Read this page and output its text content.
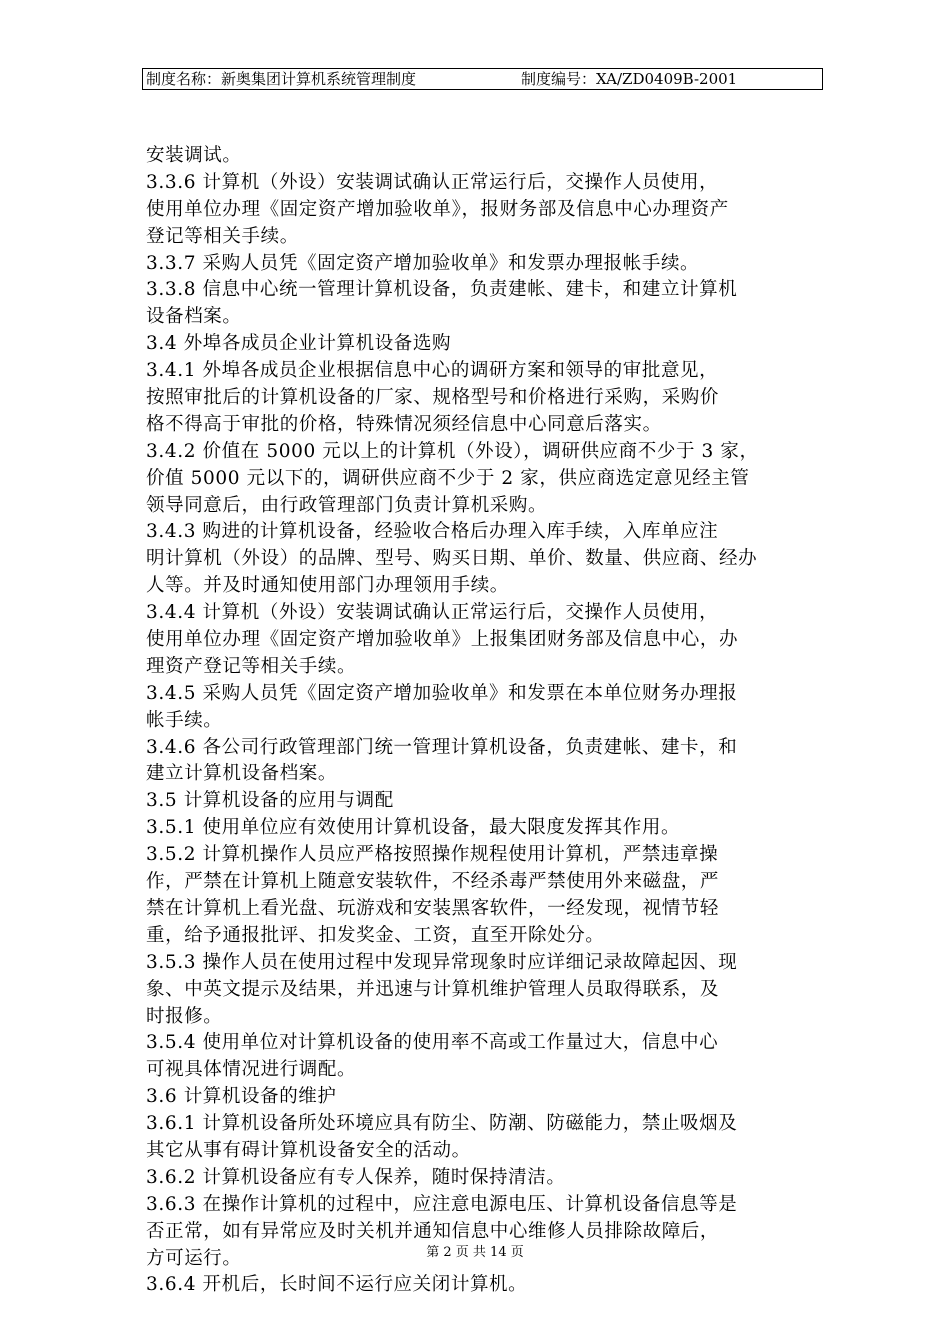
制度名称：新奥集团计算机系统管理制度	制度编号：XA/ZD0409B-2001
安装调试。
3.3.6 计算机（外设）安装调试确认正常运行后，交操作人员使用，
使用单位办理《固定资产增加验收单》，报财务部及信息中心办理资产
登记等相关手续。
3.3.7 采购人员凭《固定资产增加验收单》和发票办理报帐手续。
3.3.8 信息中心统一管理计算机设备，负责建帐、建卡，和建立计算机
设备档案。
3.4 外埠各成员企业计算机设备选购
3.4.1 外埠各成员企业根据信息中心的调研方案和领导的审批意见，
按照审批后的计算机设备的厂家、规格型号和价格进行采购，采购价
格不得高于审批的价格，特殊情况须经信息中心同意后落实。
3.4.2 价值在 5000 元以上的计算机（外设），调研供应商不少于 3 家，
价值 5000 元以下的，调研供应商不少于 2 家，供应商选定意见经主管
领导同意后，由行政管理部门负责计算机采购。
3.4.3 购进的计算机设备，经验收合格后办理入库手续，入库单应注
明计算机（外设）的品牌、型号、购买日期、单价、数量、供应商、经办
人等。并及时通知使用部门办理领用手续。
3.4.4 计算机（外设）安装调试确认正常运行后，交操作人员使用，
使用单位办理《固定资产增加验收单》上报集团财务部及信息中心，办
理资产登记等相关手续。
3.4.5 采购人员凭《固定资产增加验收单》和发票在本单位财务办理报
帐手续。
3.4.6 各公司行政管理部门统一管理计算机设备，负责建帐、建卡，和
建立计算机设备档案。
3.5 计算机设备的应用与调配
3.5.1 使用单位应有效使用计算机设备，最大限度发挥其作用。
3.5.2 计算机操作人员应严格按照操作规程使用计算机，严禁违章操
作，严禁在计算机上随意安装软件，不经杀毒严禁使用外来磁盘，严
禁在计算机上看光盘、玩游戏和安装黑客软件，一经发现，视情节轻
重，给予通报批评、扣发奖金、工资，直至开除处分。
3.5.3 操作人员在使用过程中发现异常现象时应详细记录故障起因、现
象、中英文提示及结果，并迅速与计算机维护管理人员取得联系，及
时报修。
3.5.4 使用单位对计算机设备的使用率不高或工作量过大，信息中心
可视具体情况进行调配。
3.6 计算机设备的维护
3.6.1 计算机设备所处环境应具有防尘、防潮、防磁能力，禁止吸烟及
其它从事有碍计算机设备安全的活动。
3.6.2 计算机设备应有专人保养，随时保持清洁。
3.6.3 在操作计算机的过程中，应注意电源电压、计算机设备信息等是
否正常，如有异常应及时关机并通知信息中心维修人员排除故障后，
方可运行。
3.6.4 开机后，长时间不运行应关闭计算机。
第 2 页 共 14 页
